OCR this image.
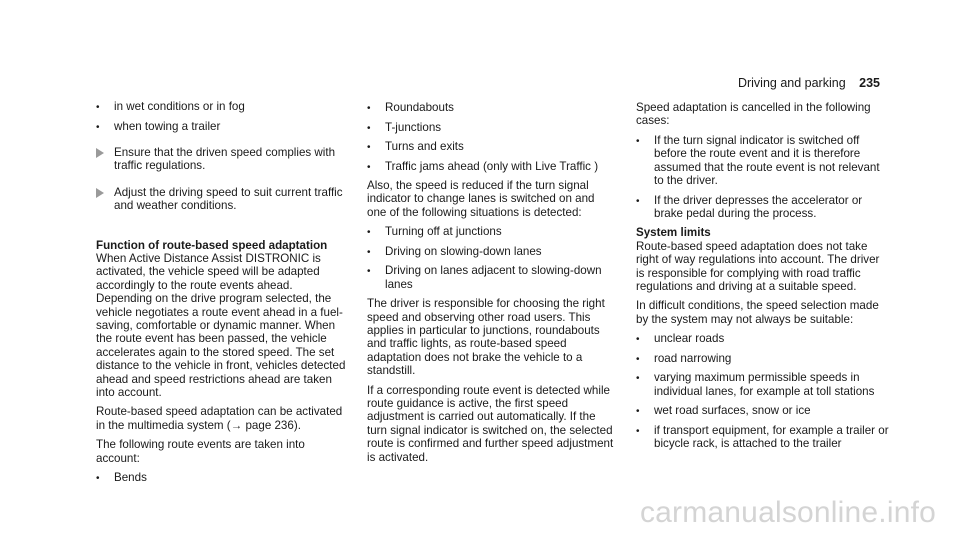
Driving and parking 235
•
in wet conditions or in fog
•
when towing a trailer
Ensure that the driven speed complies with traffic regulations.
Adjust the driving speed to suit current traffic and weather conditions.

Function of route-based speed adaptation

When Active Distance Assist DISTRONIC is activated, the vehicle speed will be adapted accordingly to the route events ahead. Depending on the drive program selected, the vehicle negotiates a route event ahead in a fuel-saving, comfortable or dynamic manner. When the route event has been passed, the vehicle accelerates again to the stored speed. The set distance to the vehicle in front, vehicles detected ahead and speed restrictions ahead are taken into account.

Route-based speed adaptation can be activated in the multimedia system (→ page 236).

The following route events are taken into account:

•
Bends
•
Roundabouts
•
T-junctions
•
Turns and exits
•
Traffic jams ahead (only with Live Traffic )

Also, the speed is reduced if the turn signal indicator to change lanes is switched on and one of the following situations is detected:

•
Turning off at junctions
•
Driving on slowing-down lanes
•
Driving on lanes adjacent to slowing-down lanes

The driver is responsible for choosing the right speed and observing other road users. This applies in particular to junctions, roundabouts and traffic lights, as route-based speed adaptation does not brake the vehicle to a standstill.

If a corresponding route event is detected while route guidance is active, the first speed adjustment is carried out automatically. If the turn signal indicator is switched on, the selected route is confirmed and further speed adjustment is activated.

Speed adaptation is cancelled in the following cases:

•
If the turn signal indicator is switched off before the route event and it is therefore assumed that the route event is not relevant to the driver.
•
If the driver depresses the accelerator or brake pedal during the process.

System limits

Route-based speed adaptation does not take right of way regulations into account. The driver is responsible for complying with road traffic regulations and driving at a suitable speed.

In difficult conditions, the speed selection made by the system may not always be suitable:

•
unclear roads
•
road narrowing
•
varying maximum permissible speeds in individual lanes, for example at toll stations
•
wet road surfaces, snow or ice
•
if transport equipment, for example a trailer or bicycle rack, is attached to the trailer
carmanualsonline.info
